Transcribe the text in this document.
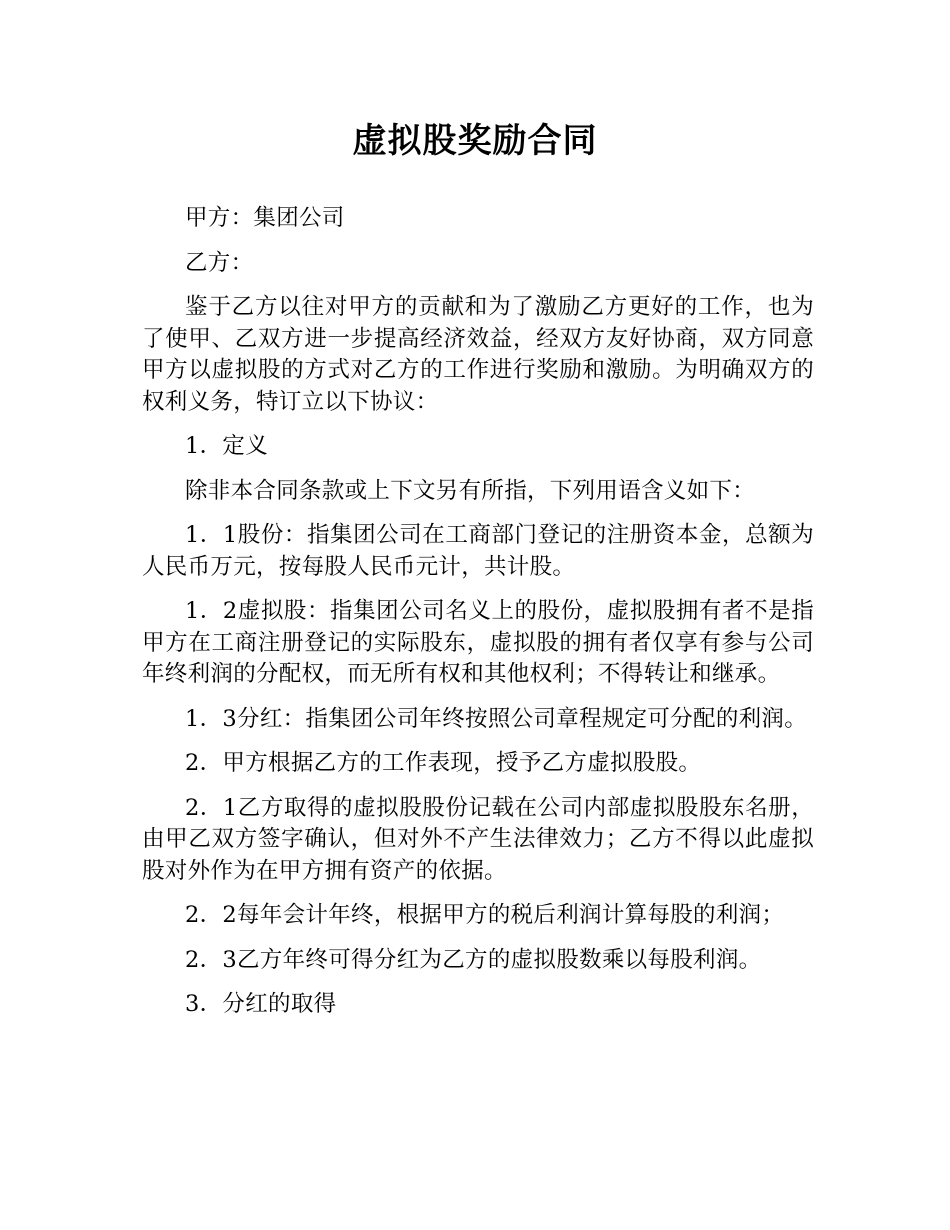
虚拟股奖励合同

甲方：集团公司

乙方：

鉴于乙方以往对甲方的贡献和为了激励乙方更好的工作，也为了使甲、乙双方进一步提高经济效益，经双方友好协商，双方同意甲方以虚拟股的方式对乙方的工作进行奖励和激励。为明确双方的权利义务，特订立以下协议：

1．定义

除非本合同条款或上下文另有所指，下列用语含义如下：

1．1股份：指集团公司在工商部门登记的注册资本金，总额为人民币万元，按每股人民币元计，共计股。

1．2虚拟股：指集团公司名义上的股份，虚拟股拥有者不是指甲方在工商注册登记的实际股东，虚拟股的拥有者仅享有参与公司年终利润的分配权，而无所有权和其他权利；不得转让和继承。

1．3分红：指集团公司年终按照公司章程规定可分配的利润。

2．甲方根据乙方的工作表现，授予乙方虚拟股股。

2．1乙方取得的虚拟股股份记载在公司内部虚拟股股东名册，由甲乙双方签字确认，但对外不产生法律效力；乙方不得以此虚拟股对外作为在甲方拥有资产的依据。

2．2每年会计年终，根据甲方的税后利润计算每股的利润；

2．3乙方年终可得分红为乙方的虚拟股数乘以每股利润。

3．分红的取得
